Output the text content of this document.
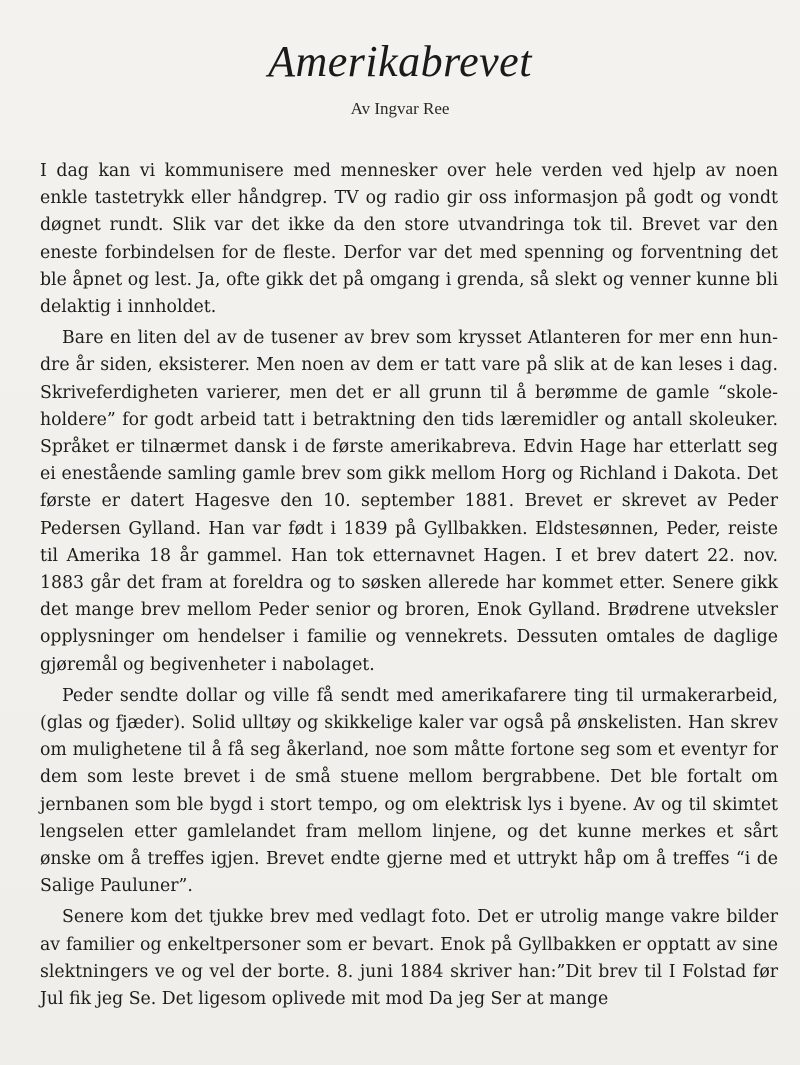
Amerikabrevet
Av Ingvar Ree

I dag kan vi kommunisere med mennesker over hele verden ved hjelp av noen enkle tastetrykk eller håndgrep. TV og radio gir oss informasjon på godt og vondt døgnet rundt. Slik var det ikke da den store utvandringa tok til. Brevet var den eneste forbindelsen for de fleste. Derfor var det med spenning og forventning det ble åpnet og lest. Ja, ofte gikk det på omgang i grenda, så slekt og venner kunne bli delaktig i innholdet.

Bare en liten del av de tusener av brev som krysset Atlanteren for mer enn hundre år siden, eksisterer. Men noen av dem er tatt vare på slik at de kan leses i dag. Skriveferdigheten varierer, men det er all grunn til å berømme de gamle “skoleholdere” for godt arbeid tatt i betraktning den tids læremidler og antall skoleuker. Språket er tilnærmet dansk i de første amerikabreva. Edvin Hage har etterlatt seg ei enestående samling gamle brev som gikk mellom Horg og Richland i Dakota. Det første er datert Hagesve den 10. september 1881. Brevet er skrevet av Peder Pedersen Gylland. Han var født i 1839 på Gyllbakken. Eldstesønnen, Peder, reiste til Amerika 18 år gammel. Han tok etternavnet Hagen. I et brev datert 22. nov. 1883 går det fram at foreldra og to søsken allerede har kommet etter. Senere gikk det mange brev mellom Peder senior og broren, Enok Gylland. Brødrene utveksler opplysninger om hendelser i familie og vennekrets. Dessuten omtales de daglige gjøremål og begivenheter i nabolaget.

Peder sendte dollar og ville få sendt med amerikafarere ting til urmakerarbeid, (glas og fjæder). Solid ulltøy og skikkelige kaler var også på ønskelisten. Han skrev om mulighetene til å få seg åkerland, noe som måtte fortone seg som et eventyr for dem som leste brevet i de små stuene mellom bergrabbene. Det ble fortalt om jernbanen som ble bygd i stort tempo, og om elektrisk lys i byene. Av og til skimtet lengselen etter gamlelandet fram mellom linjene, og det kunne merkes et sårt ønske om å treffes igjen. Brevet endte gjerne med et uttrykt håp om å treffes “i de Salige Pauluner”.

Senere kom det tjukke brev med vedlagt foto. Det er utrolig mange vakre bilder av familier og enkeltpersoner som er bevart. Enok på Gyllbakken er opptatt av sine slektningers ve og vel der borte. 8. juni 1884 skriver han:”Dit brev til I Folstad før Jul fik jeg Se. Det ligesom oplivede mit mod Da jeg Ser at mange
